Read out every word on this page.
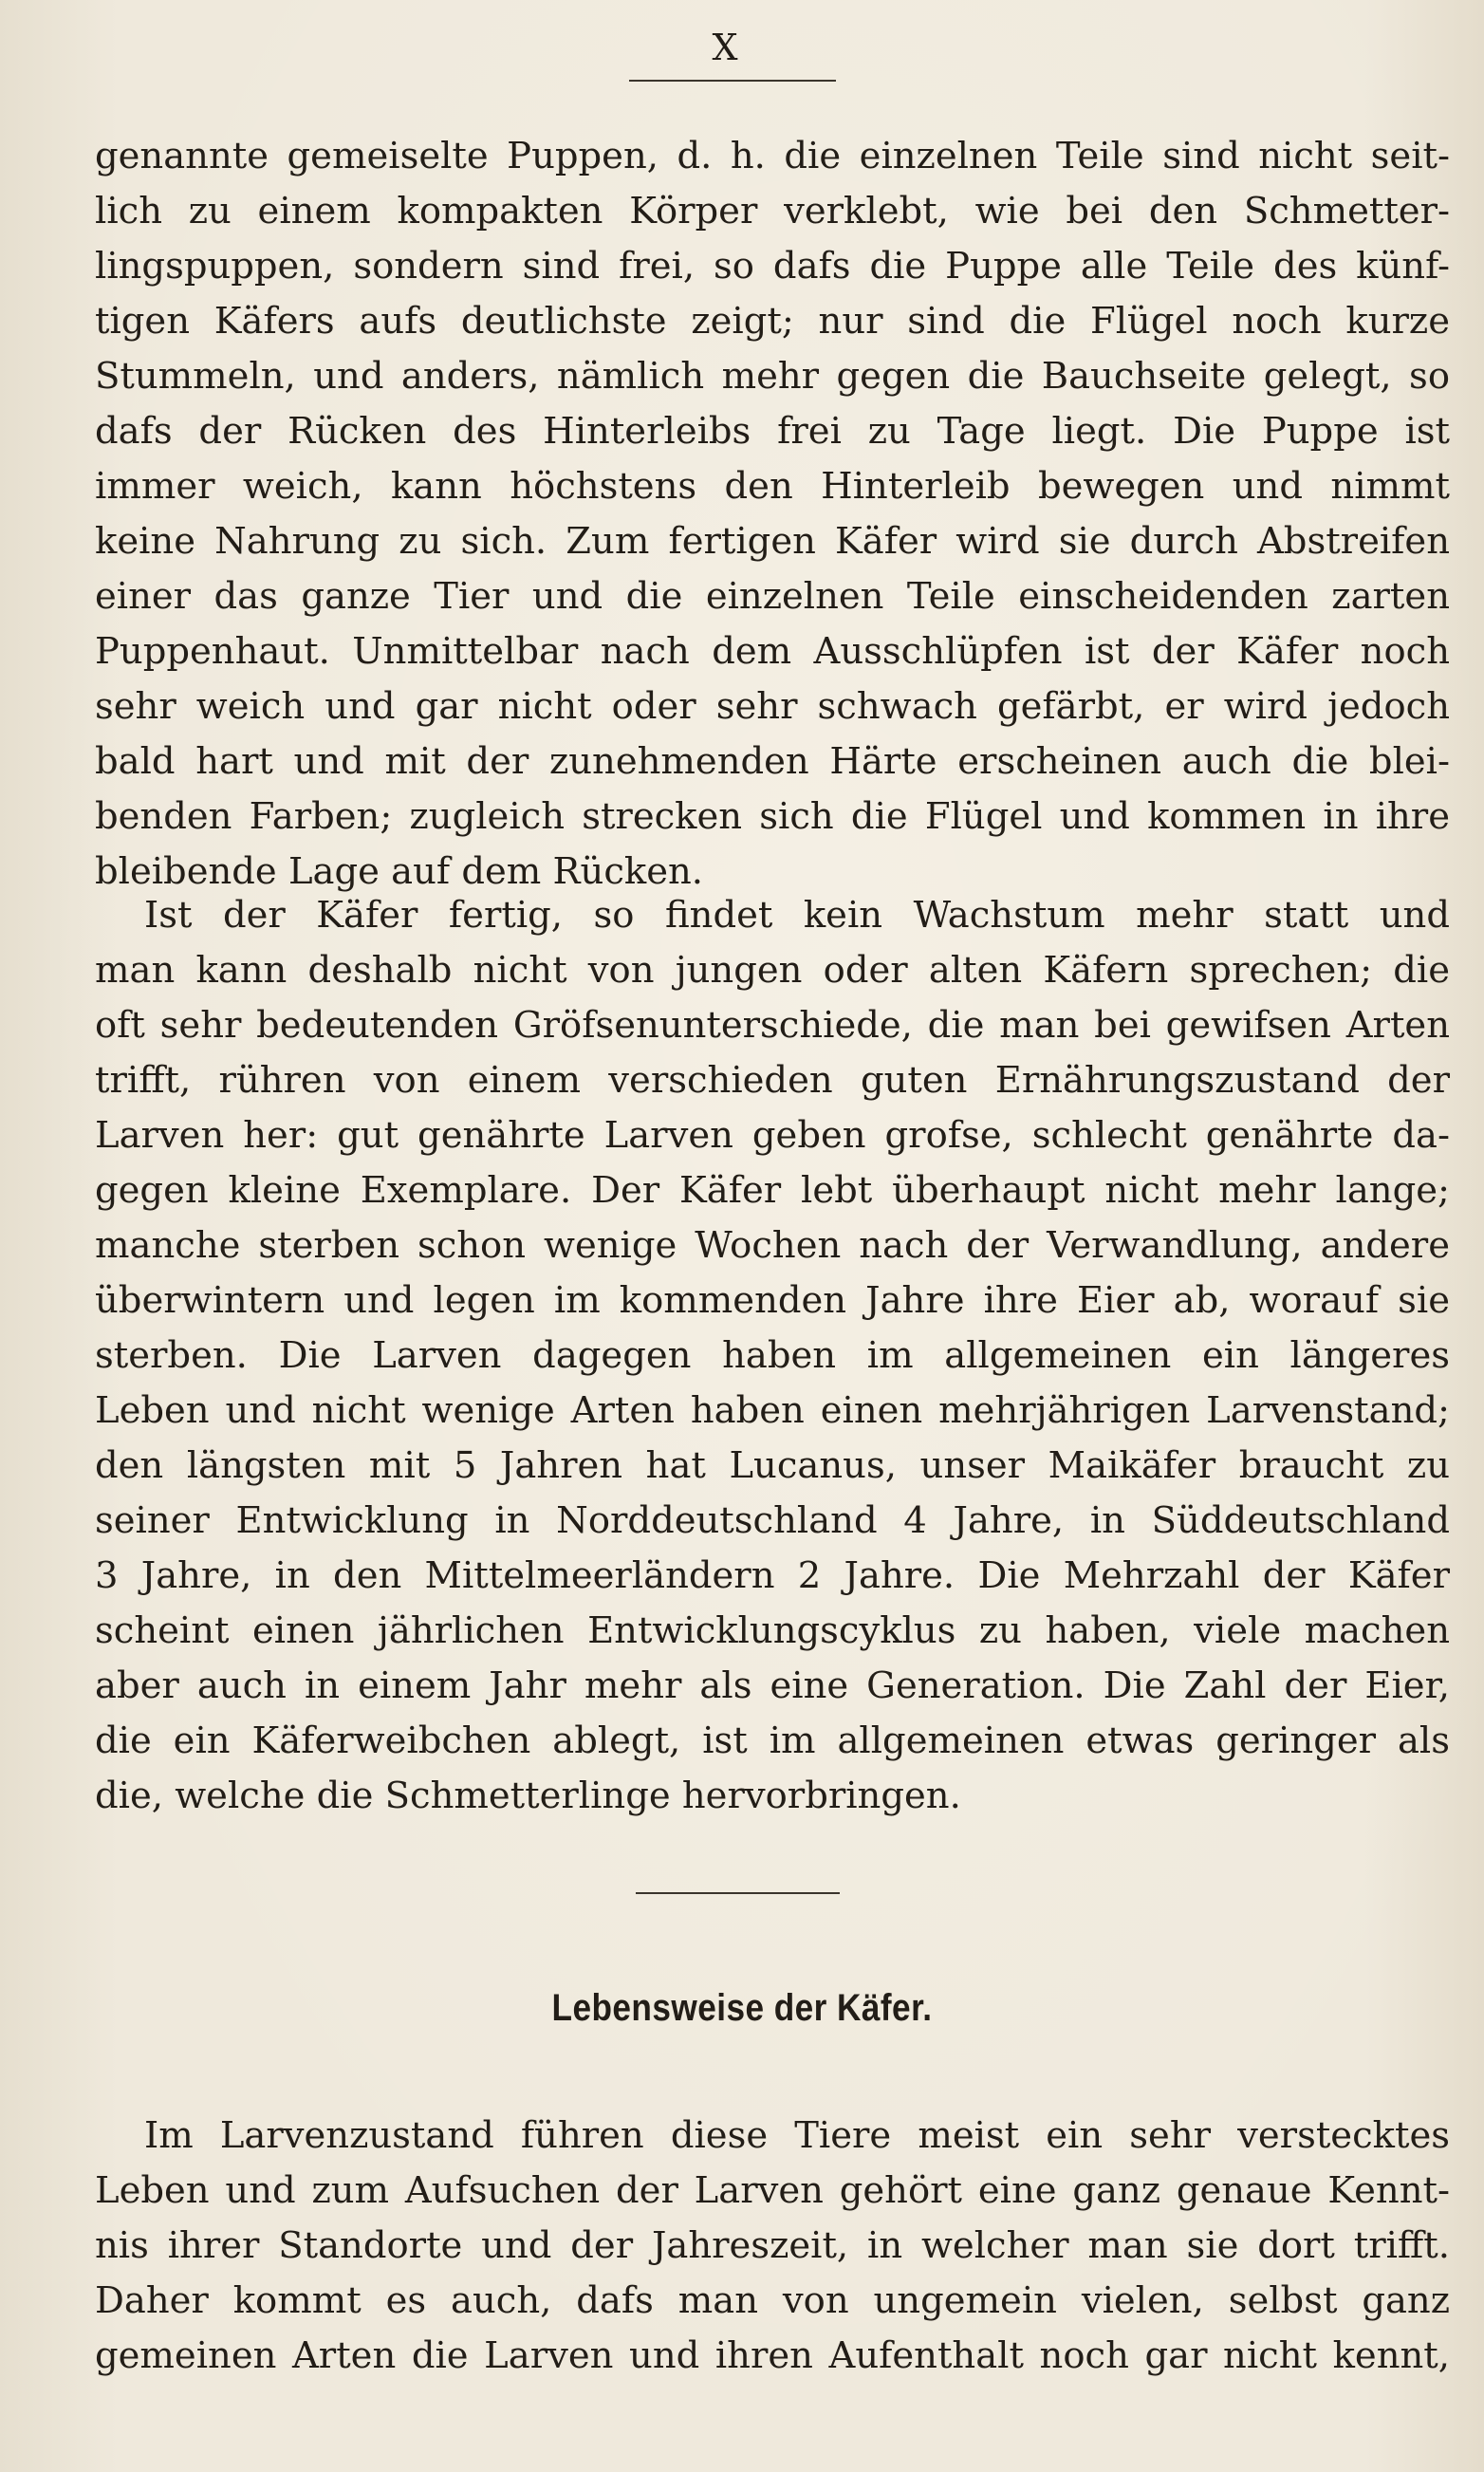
X

genannte gemeiselte Puppen, d. h. die einzelnen Teile sind nicht seit-
lich zu einem kompakten Körper verklebt, wie bei den Schmetter-
lingspuppen, sondern sind frei, so dafs die Puppe alle Teile des künf-
tigen Käfers aufs deutlichste zeigt; nur sind die Flügel noch kurze
Stummeln, und anders, nämlich mehr gegen die Bauchseite gelegt, so
dafs der Rücken des Hinterleibs frei zu Tage liegt. Die Puppe ist
immer weich, kann höchstens den Hinterleib bewegen und nimmt
keine Nahrung zu sich. Zum fertigen Käfer wird sie durch Abstreifen
einer das ganze Tier und die einzelnen Teile einscheidenden zarten
Puppenhaut. Unmittelbar nach dem Ausschlüpfen ist der Käfer noch
sehr weich und gar nicht oder sehr schwach gefärbt, er wird jedoch
bald hart und mit der zunehmenden Härte erscheinen auch die blei-
benden Farben; zugleich strecken sich die Flügel und kommen in ihre
bleibende Lage auf dem Rücken.

Ist der Käfer fertig, so findet kein Wachstum mehr statt und
man kann deshalb nicht von jungen oder alten Käfern sprechen; die
oft sehr bedeutenden Gröfsenunterschiede, die man bei gewifsen Arten
trifft, rühren von einem verschieden guten Ernährungszustand der
Larven her: gut genährte Larven geben grofse, schlecht genährte da-
gegen kleine Exemplare. Der Käfer lebt überhaupt nicht mehr lange;
manche sterben schon wenige Wochen nach der Verwandlung, andere
überwintern und legen im kommenden Jahre ihre Eier ab, worauf sie
sterben. Die Larven dagegen haben im allgemeinen ein längeres
Leben und nicht wenige Arten haben einen mehrjährigen Larvenstand;
den längsten mit 5 Jahren hat Lucanus, unser Maikäfer braucht zu
seiner Entwicklung in Norddeutschland 4 Jahre, in Süddeutschland
3 Jahre, in den Mittelmeerländern 2 Jahre. Die Mehrzahl der Käfer
scheint einen jährlichen Entwicklungscyklus zu haben, viele machen
aber auch in einem Jahr mehr als eine Generation. Die Zahl der Eier,
die ein Käferweibchen ablegt, ist im allgemeinen etwas geringer als
die, welche die Schmetterlinge hervorbringen.

Lebensweise der Käfer.

Im Larvenzustand führen diese Tiere meist ein sehr verstecktes
Leben und zum Aufsuchen der Larven gehört eine ganz genaue Kennt-
nis ihrer Standorte und der Jahreszeit, in welcher man sie dort trifft.
Daher kommt es auch, dafs man von ungemein vielen, selbst ganz
gemeinen Arten die Larven und ihren Aufenthalt noch gar nicht kennt,
